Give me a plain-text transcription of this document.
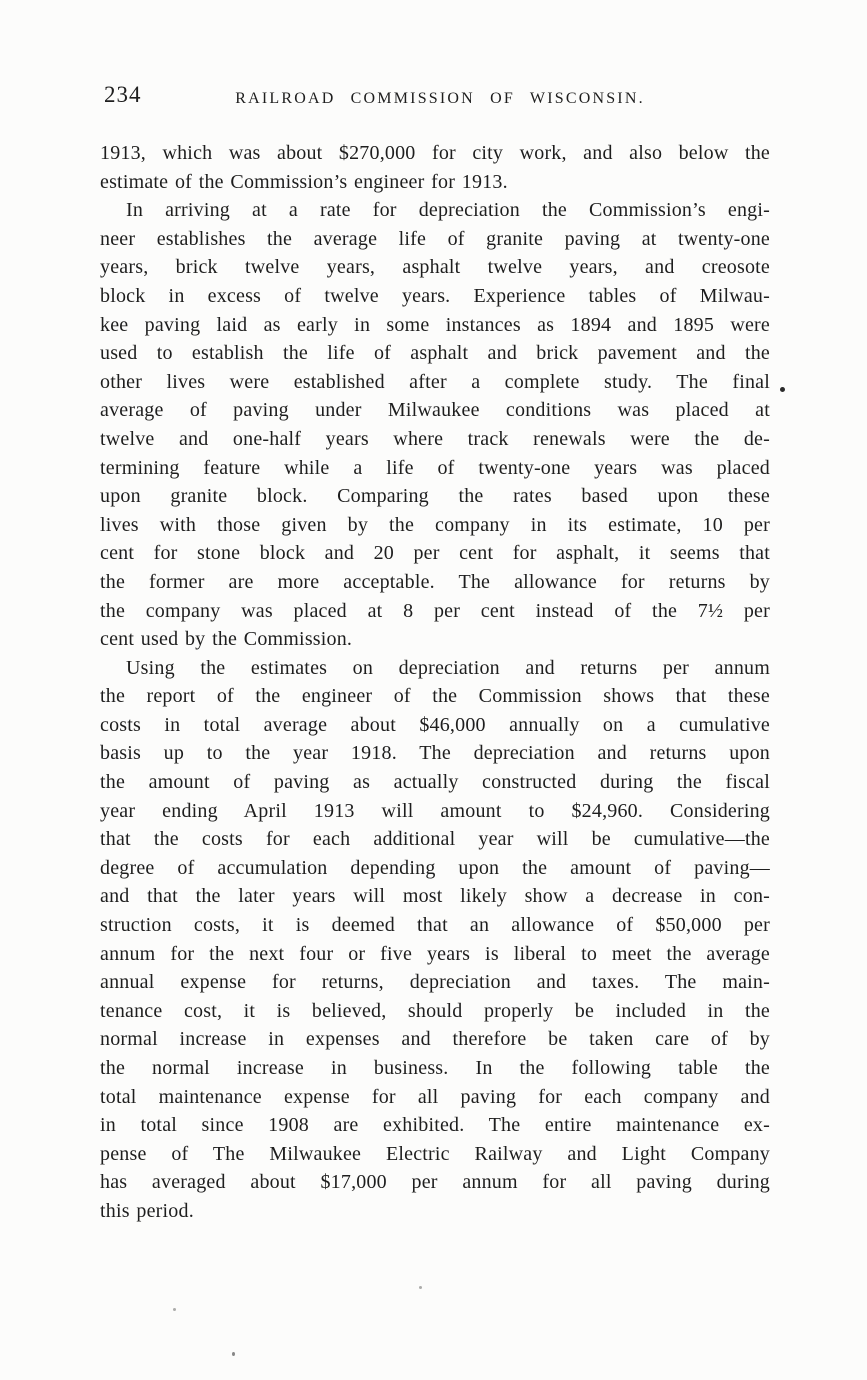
234	RAILROAD COMMISSION OF WISCONSIN.
1913, which was about $270,000 for city work, and also below the
estimate of the Commission’s engineer for 1913.
In arriving at a rate for depreciation the Commission’s engi-
neer establishes the average life of granite paving at twenty-one
years, brick twelve years, asphalt twelve years, and creosote
block in excess of twelve years. Experience tables of Milwau-
kee paving laid as early in some instances as 1894 and 1895 were
used to establish the life of asphalt and brick pavement and the
other lives were established after a complete study. The final
average of paving under Milwaukee conditions was placed at
twelve and one-half years where track renewals were the de-
termining feature while a life of twenty-one years was placed
upon granite block. Comparing the rates based upon these
lives with those given by the company in its estimate, 10 per
cent for stone block and 20 per cent for asphalt, it seems that
the former are more acceptable. The allowance for returns by
the company was placed at 8 per cent instead of the 7½ per
cent used by the Commission.
Using the estimates on depreciation and returns per annum
the report of the engineer of the Commission shows that these
costs in total average about $46,000 annually on a cumulative
basis up to the year 1918. The depreciation and returns upon
the amount of paving as actually constructed during the fiscal
year ending April 1913 will amount to $24,960. Considering
that the costs for each additional year will be cumulative—the
degree of accumulation depending upon the amount of paving—
and that the later years will most likely show a decrease in con-
struction costs, it is deemed that an allowance of $50,000 per
annum for the next four or five years is liberal to meet the average
annual expense for returns, depreciation and taxes. The main-
tenance cost, it is believed, should properly be included in the
normal increase in expenses and therefore be taken care of by
the normal increase in business. In the following table the
total maintenance expense for all paving for each company and
in total since 1908 are exhibited. The entire maintenance ex-
pense of The Milwaukee Electric Railway and Light Company
has averaged about $17,000 per annum for all paving during
this period.
